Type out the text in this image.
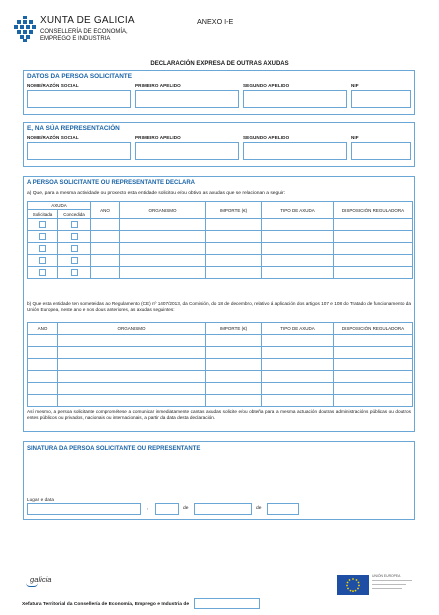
XUNTA DE GALICIA
CONSELLERÍA DE ECONOMÍA,
EMPREGO E INDUSTRIA
ANEXO I-E
DECLARACIÓN EXPRESA DE OUTRAS AXUDAS
DATOS DA PERSOA SOLICITANTE
NOME/RAZÓN SOCIAL	PRIMEIRO APELIDO	SEGUNDO APELIDO	NIF
E, NA SÚA REPRESENTACIÓN
NOME/RAZÓN SOCIAL	PRIMEIRO APELIDO	SEGUNDO APELIDO	NIF
A PERSOA SOLICITANTE OU REPRESENTANTE DECLARA
a) Que, para a mesma actividade ou proxecto esta entidade solicitou e/ou obtivo as axudas que se relacionan a seguir:
AXUDA		ANO	ORGANISMO	IMPORTE (€)	TIPO DE AXUDA	DISPOSICIÓN REGULADORA
Solicitada	Concedida					

b) Que esta entidade ten someteidas ao Regulamento (CE) nº 1407/2013, da Comisión, do 18 de decembro, relativo á aplicación dos artigos 107 e 108 do Tratado de funcionamento da Unión Europea, neste ano e nos dous anteriores, as axudas seguintes:
ANO	ORGANISMO	IMPORTE (€)	TIPO DE AXUDA	DISPOSICIÓN REGULADORA

Así mesmo, a persoa solicitante comprométese a comunicar inmediatamente cantas axudas solicite e/ou obteña para a mesma actuación doutras administracións públicas ou doutros entes públicos ou privados, nacionais ou internacionais, a partir da data desta declaración.
SINATURA DA PERSOA SOLICITANTE OU REPRESENTANTE
Lugar e data
,	de	de
galicia	UNIÓN EUROPEA
Xefatura Territorial da Consellería de Economía, Emprego e Industria de
